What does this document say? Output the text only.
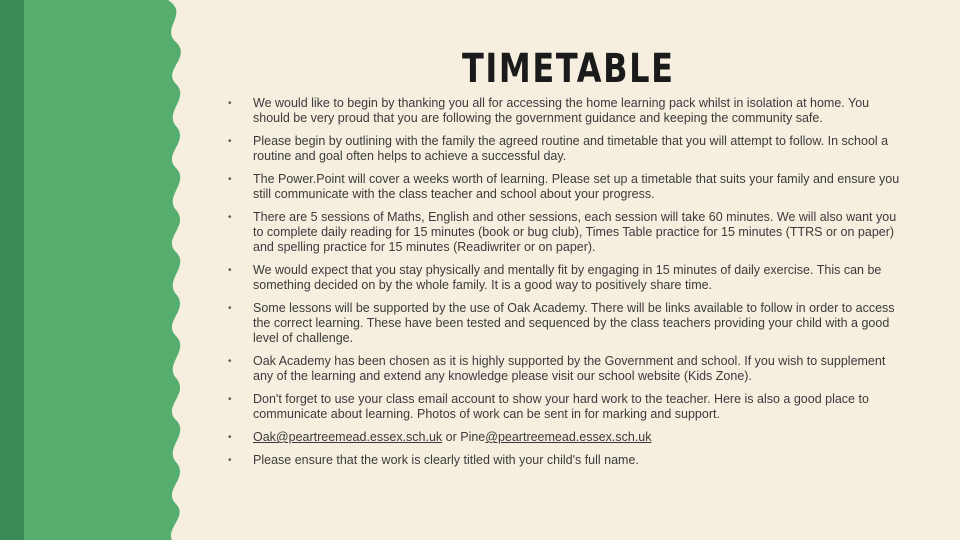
TIMETABLE
• We would like to begin by thanking you all for accessing the home learning pack whilst in isolation at home. You should be very proud that you are following the government guidance and keeping the community safe.
• Please begin by outlining with the family the agreed routine and timetable that you will attempt to follow. In school a routine and goal often helps to achieve a successful day.
• The Power.Point will cover a weeks worth of learning. Please set up a timetable that suits your family and ensure you still communicate with the class teacher and school about your progress.
• There are 5 sessions of Maths, English and other sessions, each session will take 60 minutes. We will also want you to complete daily reading for 15 minutes (book or bug club), Times Table practice for 15 minutes (TTRS or on paper) and spelling practice for 15 minutes (Readiwriter or on paper).
• We would expect that you stay physically and mentally fit by engaging in 15 minutes of daily exercise. This can be something decided on by the whole family. It is a good way to positively share time.
• Some lessons will be supported by the use of Oak Academy. There will be links available to follow in order to access the correct learning. These have been tested and sequenced by the class teachers providing your child with a good level of challenge.
• Oak Academy has been chosen as it is highly supported by the Government and school. If you wish to supplement any of the learning and extend any knowledge please visit our school website (Kids Zone).
• Don't forget to use your class email account to show your hard work to the teacher. Here is also a good place to communicate about learning. Photos of work can be sent in for marking and support.
• Oak@peartreemead.essex.sch.uk or Pine@peartreemead.essex.sch.uk
• Please ensure that the work is clearly titled with your child's full name.
